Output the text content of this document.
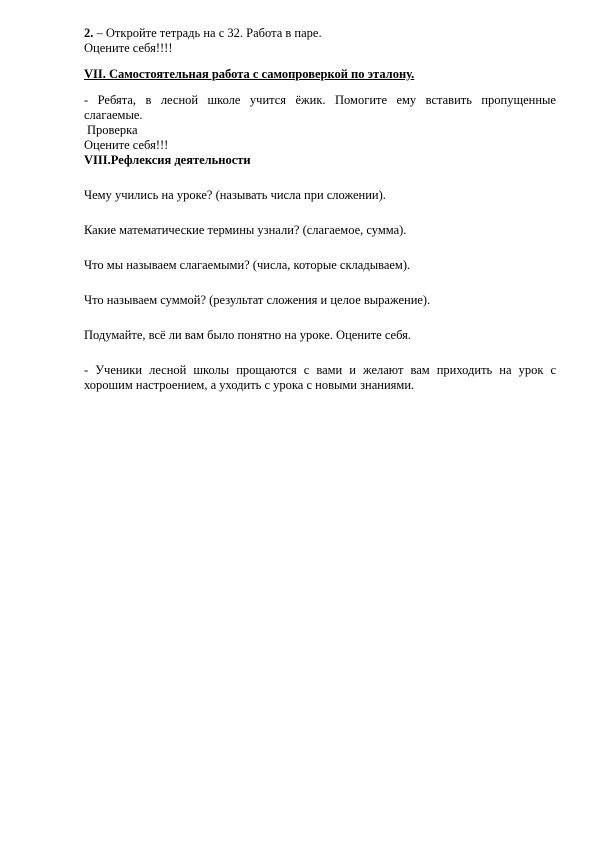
2. – Откройте тетрадь на с 32. Работа в паре.

Оцените себя!!!!

VII. Самостоятельная работа с самопроверкой по эталону.

- Ребята, в лесной школе учится ёжик. Помогите ему вставить пропущенные

слагаемые.

Проверка

Оцените себя!!!

VIII.Рефлексия деятельности

Чему учились на уроке? (называть числа при сложении).

Какие математические термины узнали? (слагаемое, сумма).

Что мы называем слагаемыми? (числа, которые складываем).

Что называем суммой? (результат сложения и целое выражение).

Подумайте, всё ли вам было понятно на уроке. Оцените себя.

- Ученики лесной школы прощаются с вами и желают вам приходить на урок с

хорошим настроением, а уходить с урока с новыми знаниями.
